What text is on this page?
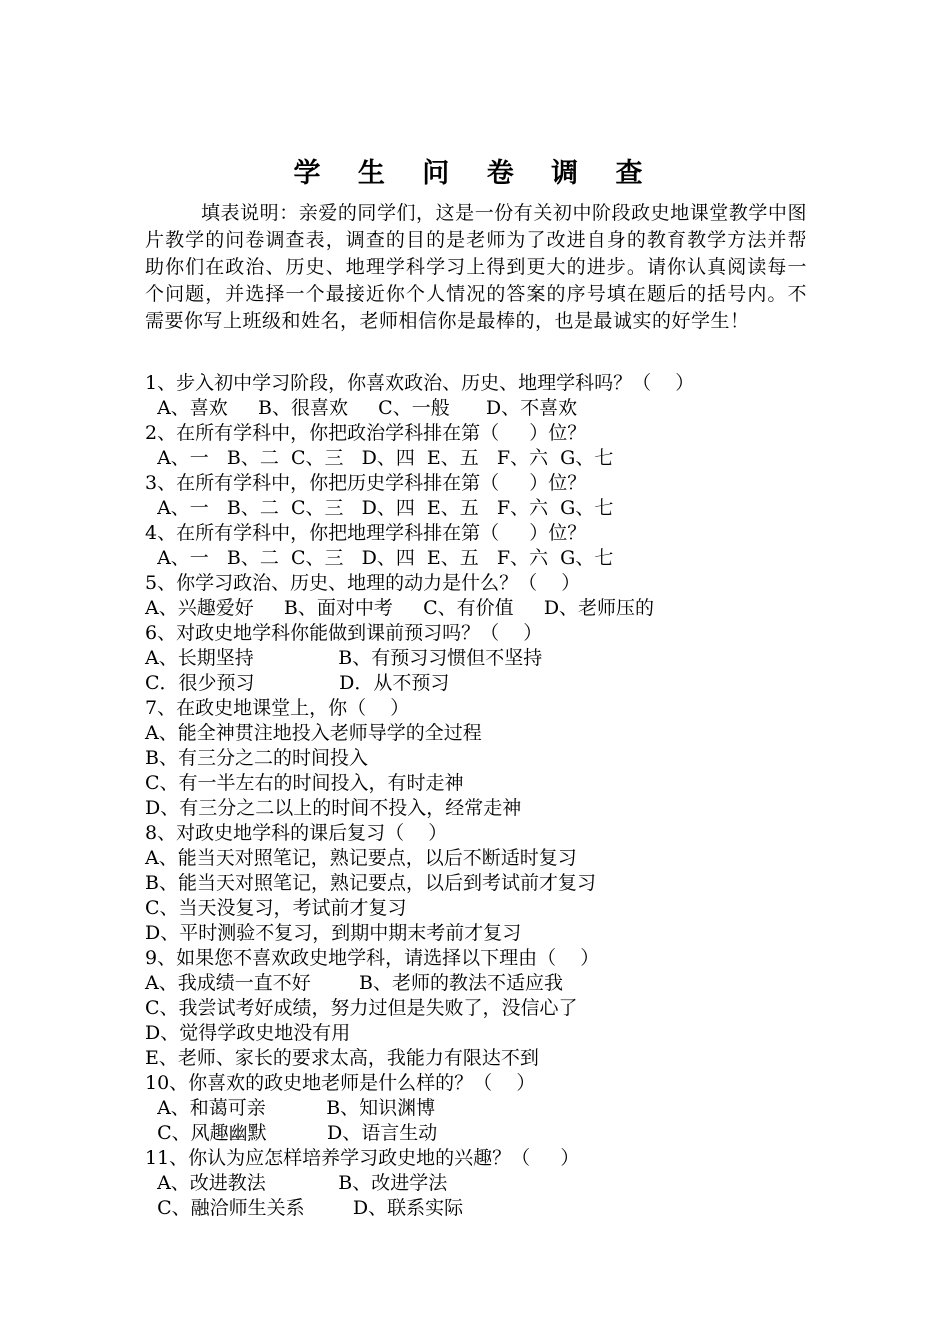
学 生 问 卷 调 查
填表说明：亲爱的同学们，这是一份有关初中阶段政史地课堂教学中图片教学的问卷调查表，调查的目的是老师为了改进自身的教育教学方法并帮助你们在政治、历史、地理学科学习上得到更大的进步。请你认真阅读每一个问题，并选择一个最接近你个人情况的答案的序号填在题后的括号内。不需要你写上班级和姓名，老师相信你是最棒的，也是最诚实的好学生！
1、步入初中学习阶段，你喜欢政治、历史、地理学科吗？（    ）
A、喜欢     B、很喜欢     C、一般      D、不喜欢
2、在所有学科中，你把政治学科排在第（     ）位？
A、一   B、二  C、三   D、四  E、五   F、六  G、七
3、在所有学科中，你把历史学科排在第（     ）位？
A、一   B、二  C、三   D、四  E、五   F、六  G、七
4、在所有学科中，你把地理学科排在第（     ）位？
A、一   B、二  C、三   D、四  E、五   F、六  G、七
5、你学习政治、历史、地理的动力是什么？（    ）
A、兴趣爱好     B、面对中考     C、有价值     D、老师压的
6、对政史地学科你能做到课前预习吗？（    ）
A、长期坚持              B、有预习习惯但不坚持
C．很少预习              D．从不预习
7、在政史地课堂上，你（    ）
A、能全神贯注地投入老师导学的全过程
B、有三分之二的时间投入
C、有一半左右的时间投入，有时走神
D、有三分之二以上的时间不投入，经常走神
8、对政史地学科的课后复习（    ）
A、能当天对照笔记，熟记要点，以后不断适时复习
B、能当天对照笔记，熟记要点，以后到考试前才复习
C、当天没复习，考试前才复习
D、平时测验不复习，到期中期末考前才复习
9、如果您不喜欢政史地学科，请选择以下理由（    ）
A、我成绩一直不好        B、老师的教法不适应我
C、我尝试考好成绩，努力过但是失败了，没信心了
D、觉得学政史地没有用
E、老师、家长的要求太高，我能力有限达不到
10、你喜欢的政史地老师是什么样的？（    ）
A、和蔼可亲          B、知识渊博
C、风趣幽默          D、语言生动
11、你认为应怎样培养学习政史地的兴趣？（     ）
A、改进教法            B、改进学法
C、融洽师生关系        D、联系实际
